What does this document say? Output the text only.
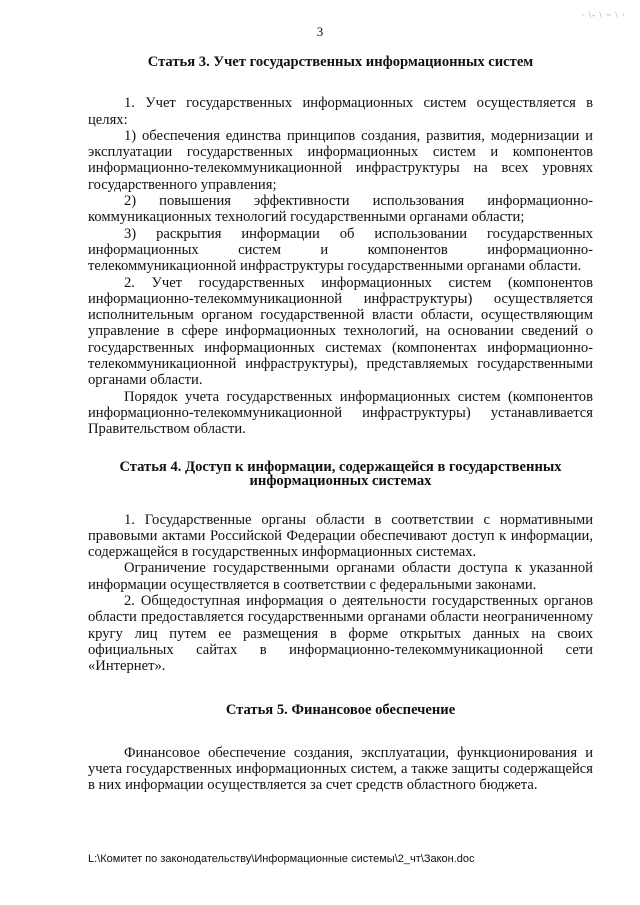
· \- \ ~ \ ·
3
Статья 3. Учет государственных информационных систем

1. Учет государственных информационных систем осуществляется в целях:

1) обеспечения единства принципов создания, развития, модернизации и эксплуатации государственных информационных систем и компонентов информационно-телекоммуникационной инфраструктуры на всех уровнях государственного управления;

2) повышения эффективности использования информационно-коммуникационных технологий государственными органами области;

3) раскрытия информации об использовании государственных информационных систем и компонентов информационно-телекоммуникационной инфраструктуры государственными органами области.

2. Учет государственных информационных систем (компонентов информационно-телекоммуникационной инфраструктуры) осуществляется исполнительным органом государственной власти области, осуществляющим управление в сфере информационных технологий, на основании сведений о государственных информационных системах (компонентах информационно-телекоммуникационной инфраструктуры), представляемых государственными органами области.

Порядок учета государственных информационных систем (компонентов информационно-телекоммуникационной инфраструктуры) устанавливается Правительством области.

Статья 4. Доступ к информации, содержащейся в государственных
информационных системах

1. Государственные органы области в соответствии с нормативными правовыми актами Российской Федерации обеспечивают доступ к информации, содержащейся в государственных информационных системах.

Ограничение государственными органами области доступа к указанной информации осуществляется в соответствии с федеральными законами.

2. Общедоступная информация о деятельности государственных органов области предоставляется государственными органами области неограниченному кругу лиц путем ее размещения в форме открытых данных на своих официальных сайтах в информационно-телекоммуникационной сети «Интернет».

Статья 5. Финансовое обеспечение

Финансовое обеспечение создания, эксплуатации, функционирования и учета государственных информационных систем, а также защиты содержащейся в них информации осуществляется за счет средств областного бюджета.

L:\Комитет по законодательству\Информационные системы\2_чт\Закон.doc
